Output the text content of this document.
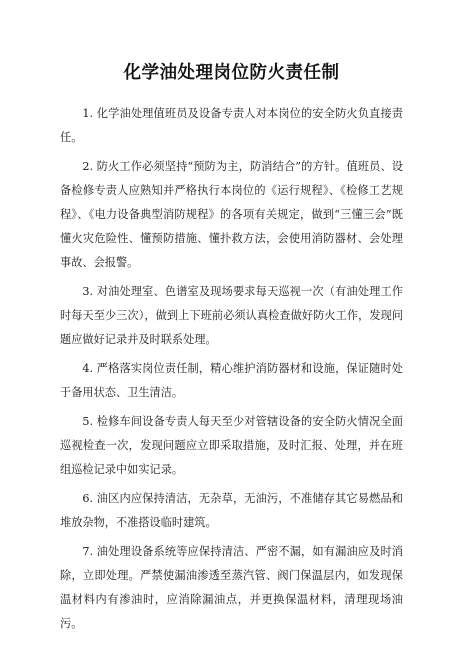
化学油处理岗位防火责任制

1. 化学油处理值班员及设备专责人对本岗位的安全防火负直接责任。

2. 防火工作必须坚持“预防为主，防消结合”的方针。值班员、设备检修专责人应熟知并严格执行本岗位的《运行规程》、《检修工艺规程》、《电力设备典型消防规程》的各项有关规定，做到“三懂三会”既懂火灾危险性、懂预防措施、懂扑救方法，会使用消防器材、会处理事故、会报警。

3. 对油处理室、色谱室及现场要求每天巡视一次（有油处理工作时每天至少三次），做到上下班前必须认真检查做好防火工作，发现问题应做好记录并及时联系处理。

4. 严格落实岗位责任制，精心维护消防器材和设施，保证随时处于备用状态、卫生清洁。

5. 检修车间设备专责人每天至少对管辖设备的安全防火情况全面巡视检查一次，发现问题应立即采取措施，及时汇报、处理，并在班组巡检记录中如实记录。

6. 油区内应保持清洁，无杂草，无油污，不准储存其它易燃品和堆放杂物，不准搭设临时建筑。

7. 油处理设备系统等应保持清洁、严密不漏，如有漏油应及时消除，立即处理。严禁使漏油渗透至蒸汽管、阀门保温层内，如发现保温材料内有渗油时，应消除漏油点，并更换保温材料，清理现场油污。
